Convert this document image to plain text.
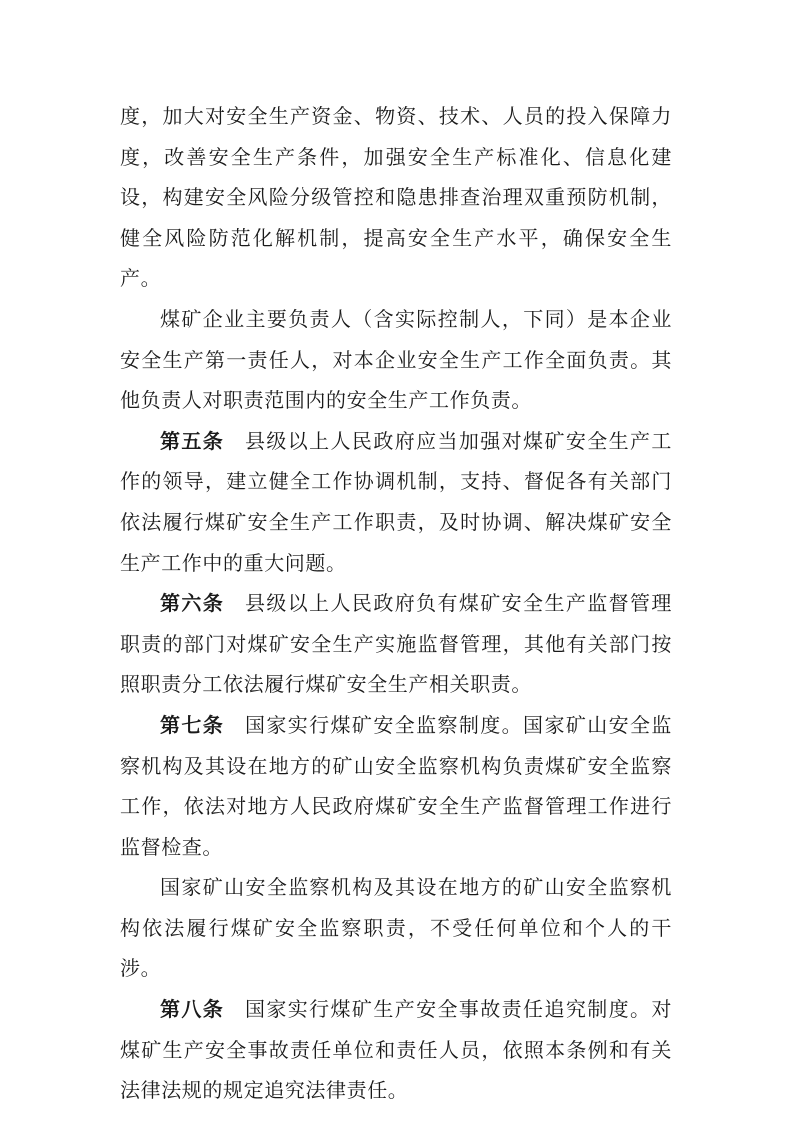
度，加大对安全生产资金、物资、技术、人员的投入保障力度，改善安全生产条件，加强安全生产标准化、信息化建设，构建安全风险分级管控和隐患排查治理双重预防机制，健全风险防范化解机制，提高安全生产水平，确保安全生产。

煤矿企业主要负责人（含实际控制人，下同）是本企业安全生产第一责任人，对本企业安全生产工作全面负责。其他负责人对职责范围内的安全生产工作负责。

第五条 县级以上人民政府应当加强对煤矿安全生产工作的领导，建立健全工作协调机制，支持、督促各有关部门依法履行煤矿安全生产工作职责，及时协调、解决煤矿安全生产工作中的重大问题。

第六条 县级以上人民政府负有煤矿安全生产监督管理职责的部门对煤矿安全生产实施监督管理，其他有关部门按照职责分工依法履行煤矿安全生产相关职责。

第七条 国家实行煤矿安全监察制度。国家矿山安全监察机构及其设在地方的矿山安全监察机构负责煤矿安全监察工作，依法对地方人民政府煤矿安全生产监督管理工作进行监督检查。

国家矿山安全监察机构及其设在地方的矿山安全监察机构依法履行煤矿安全监察职责，不受任何单位和个人的干涉。

第八条 国家实行煤矿生产安全事故责任追究制度。对煤矿生产安全事故责任单位和责任人员，依照本条例和有关法律法规的规定追究法律责任。
